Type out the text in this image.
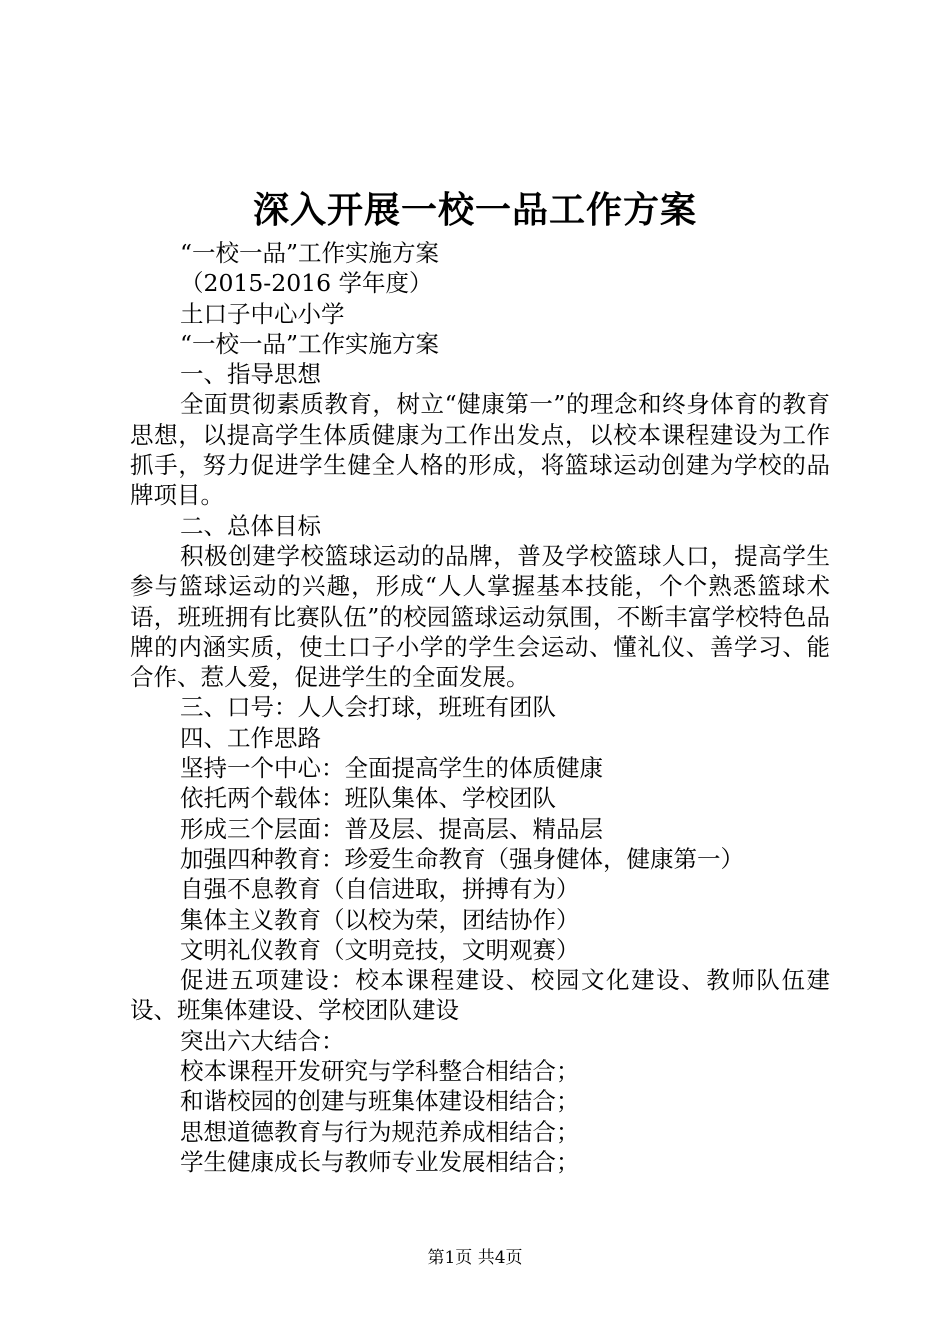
深入开展一校一品工作方案

“一校一品”工作实施方案

（2015-2016 学年度）

土口子中心小学

“一校一品”工作实施方案

一、指导思想

全面贯彻素质教育，树立“健康第一”的理念和终身体育的教育思想，以提高学生体质健康为工作出发点，以校本课程建设为工作抓手，努力促进学生健全人格的形成，将篮球运动创建为学校的品牌项目。

二、总体目标

积极创建学校篮球运动的品牌，普及学校篮球人口，提高学生参与篮球运动的兴趣，形成“人人掌握基本技能，个个熟悉篮球术语，班班拥有比赛队伍”的校园篮球运动氛围，不断丰富学校特色品牌的内涵实质，使土口子小学的学生会运动、懂礼仪、善学习、能合作、惹人爱，促进学生的全面发展。

三、口号：人人会打球，班班有团队

四、工作思路

坚持一个中心：全面提高学生的体质健康

依托两个载体：班队集体、学校团队

形成三个层面：普及层、提高层、精品层

加强四种教育：珍爱生命教育（强身健体，健康第一）

自强不息教育（自信进取，拼搏有为）

集体主义教育（以校为荣，团结协作）

文明礼仪教育（文明竞技，文明观赛）

促进五项建设：校本课程建设、校园文化建设、教师队伍建设、班集体建设、学校团队建设

突出六大结合：

校本课程开发研究与学科整合相结合；

和谐校园的创建与班集体建设相结合；

思想道德教育与行为规范养成相结合；

学生健康成长与教师专业发展相结合；

第1页 共4页
